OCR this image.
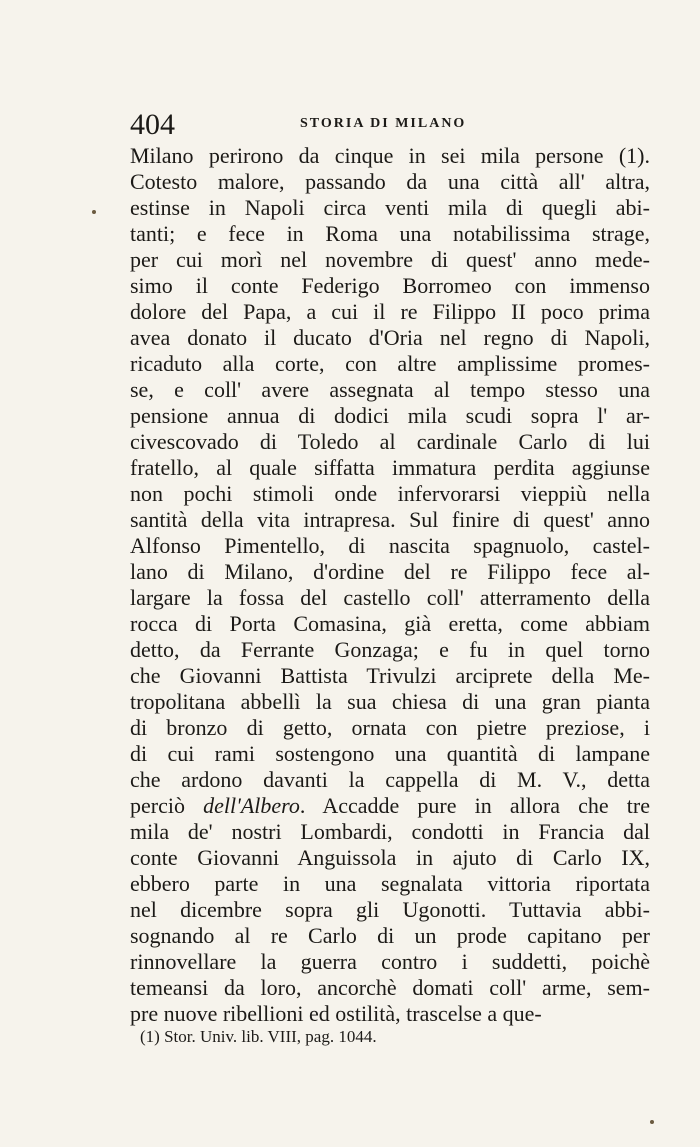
404	STORIA DI MILANO
Milano perirono da cinque in sei mila persone (1).
Cotesto malore, passando da una città all' altra,
estinse in Napoli circa venti mila di quegli abi-
tanti; e fece in Roma una notabilissima strage,
per cui morì nel novembre di quest' anno mede-
simo il conte Federigo Borromeo con immenso
dolore del Papa, a cui il re Filippo II poco prima
avea donato il ducato d'Oria nel regno di Napoli,
ricaduto alla corte, con altre amplissime promes-
se, e coll' avere assegnata al tempo stesso una
pensione annua di dodici mila scudi sopra l' ar-
civescovado di Toledo al cardinale Carlo di lui
fratello, al quale siffatta immatura perdita aggiunse
non pochi stimoli onde infervorarsi vieppiù nella
santità della vita intrapresa. Sul finire di quest' anno
Alfonso Pimentello, di nascita spagnuolo, castel-
lano di Milano, d'ordine del re Filippo fece al-
largare la fossa del castello coll' atterramento della
rocca di Porta Comasina, già eretta, come abbiam
detto, da Ferrante Gonzaga; e fu in quel torno
che Giovanni Battista Trivulzi arciprete della Me-
tropolitana abbellì la sua chiesa di una gran pianta
di bronzo di getto, ornata con pietre preziose, i
di cui rami sostengono una quantità di lampane
che ardono davanti la cappella di M. V., detta
perciò dell'Albero. Accadde pure in allora che tre
mila de' nostri Lombardi, condotti in Francia dal
conte Giovanni Anguissola in ajuto di Carlo IX,
ebbero parte in una segnalata vittoria riportata
nel dicembre sopra gli Ugonotti. Tuttavia abbi-
sognando al re Carlo di un prode capitano per
rinnovellare la guerra contro i suddetti, poichè
temeansi da loro, ancorchè domati coll' arme, sem-
pre nuove ribellioni ed ostilità, trascelse a que-
(1) Stor. Univ. lib. VIII, pag. 1044.
